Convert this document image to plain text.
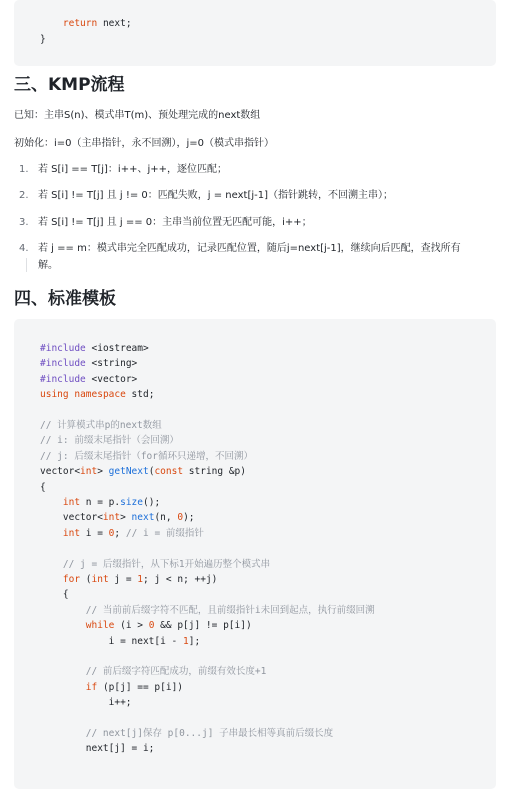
return next;
}
三、KMP流程
已知：主串S(n)、模式串T(m)、预处理完成的next数组
初始化：i=0（主串指针，永不回溯），j=0（模式串指针）
1. 若 S[i] == T[j]：i++、j++，逐位匹配；
2. 若 S[i] != T[j] 且 j != 0：匹配失败，j = next[j-1]（指针跳转，不回溯主串）；
3. 若 S[i] != T[j] 且 j == 0：主串当前位置无匹配可能，i++；
4. 若 j == m：模式串完全匹配成功，记录匹配位置，随后j=next[j-1]，继续向后匹配，查找所有
解。
四、标准模板
#include <iostream>
#include <string>
#include <vector>
using namespace std;
// 计算模式串p的next数组
// i: 前缀末尾指针（会回溯）
// j: 后缀末尾指针（for循环只递增，不回溯）
vector<int> getNext(const string &p)
{
int n = p.size();
vector<int> next(n, 0);
int i = 0; // i = 前缀指针
// j = 后缀指针，从下标1开始遍历整个模式串
for (int j = 1; j < n; ++j)
{
// 当前前后缀字符不匹配，且前缀指针i未回到起点，执行前缀回溯
while (i > 0 && p[j] != p[i])
i = next[i - 1];
// 前后缀字符匹配成功，前缀有效长度+1
if (p[j] == p[i])
i++;
// next[j]保存 p[0...j] 子串最长相等真前后缀长度
next[j] = i;
